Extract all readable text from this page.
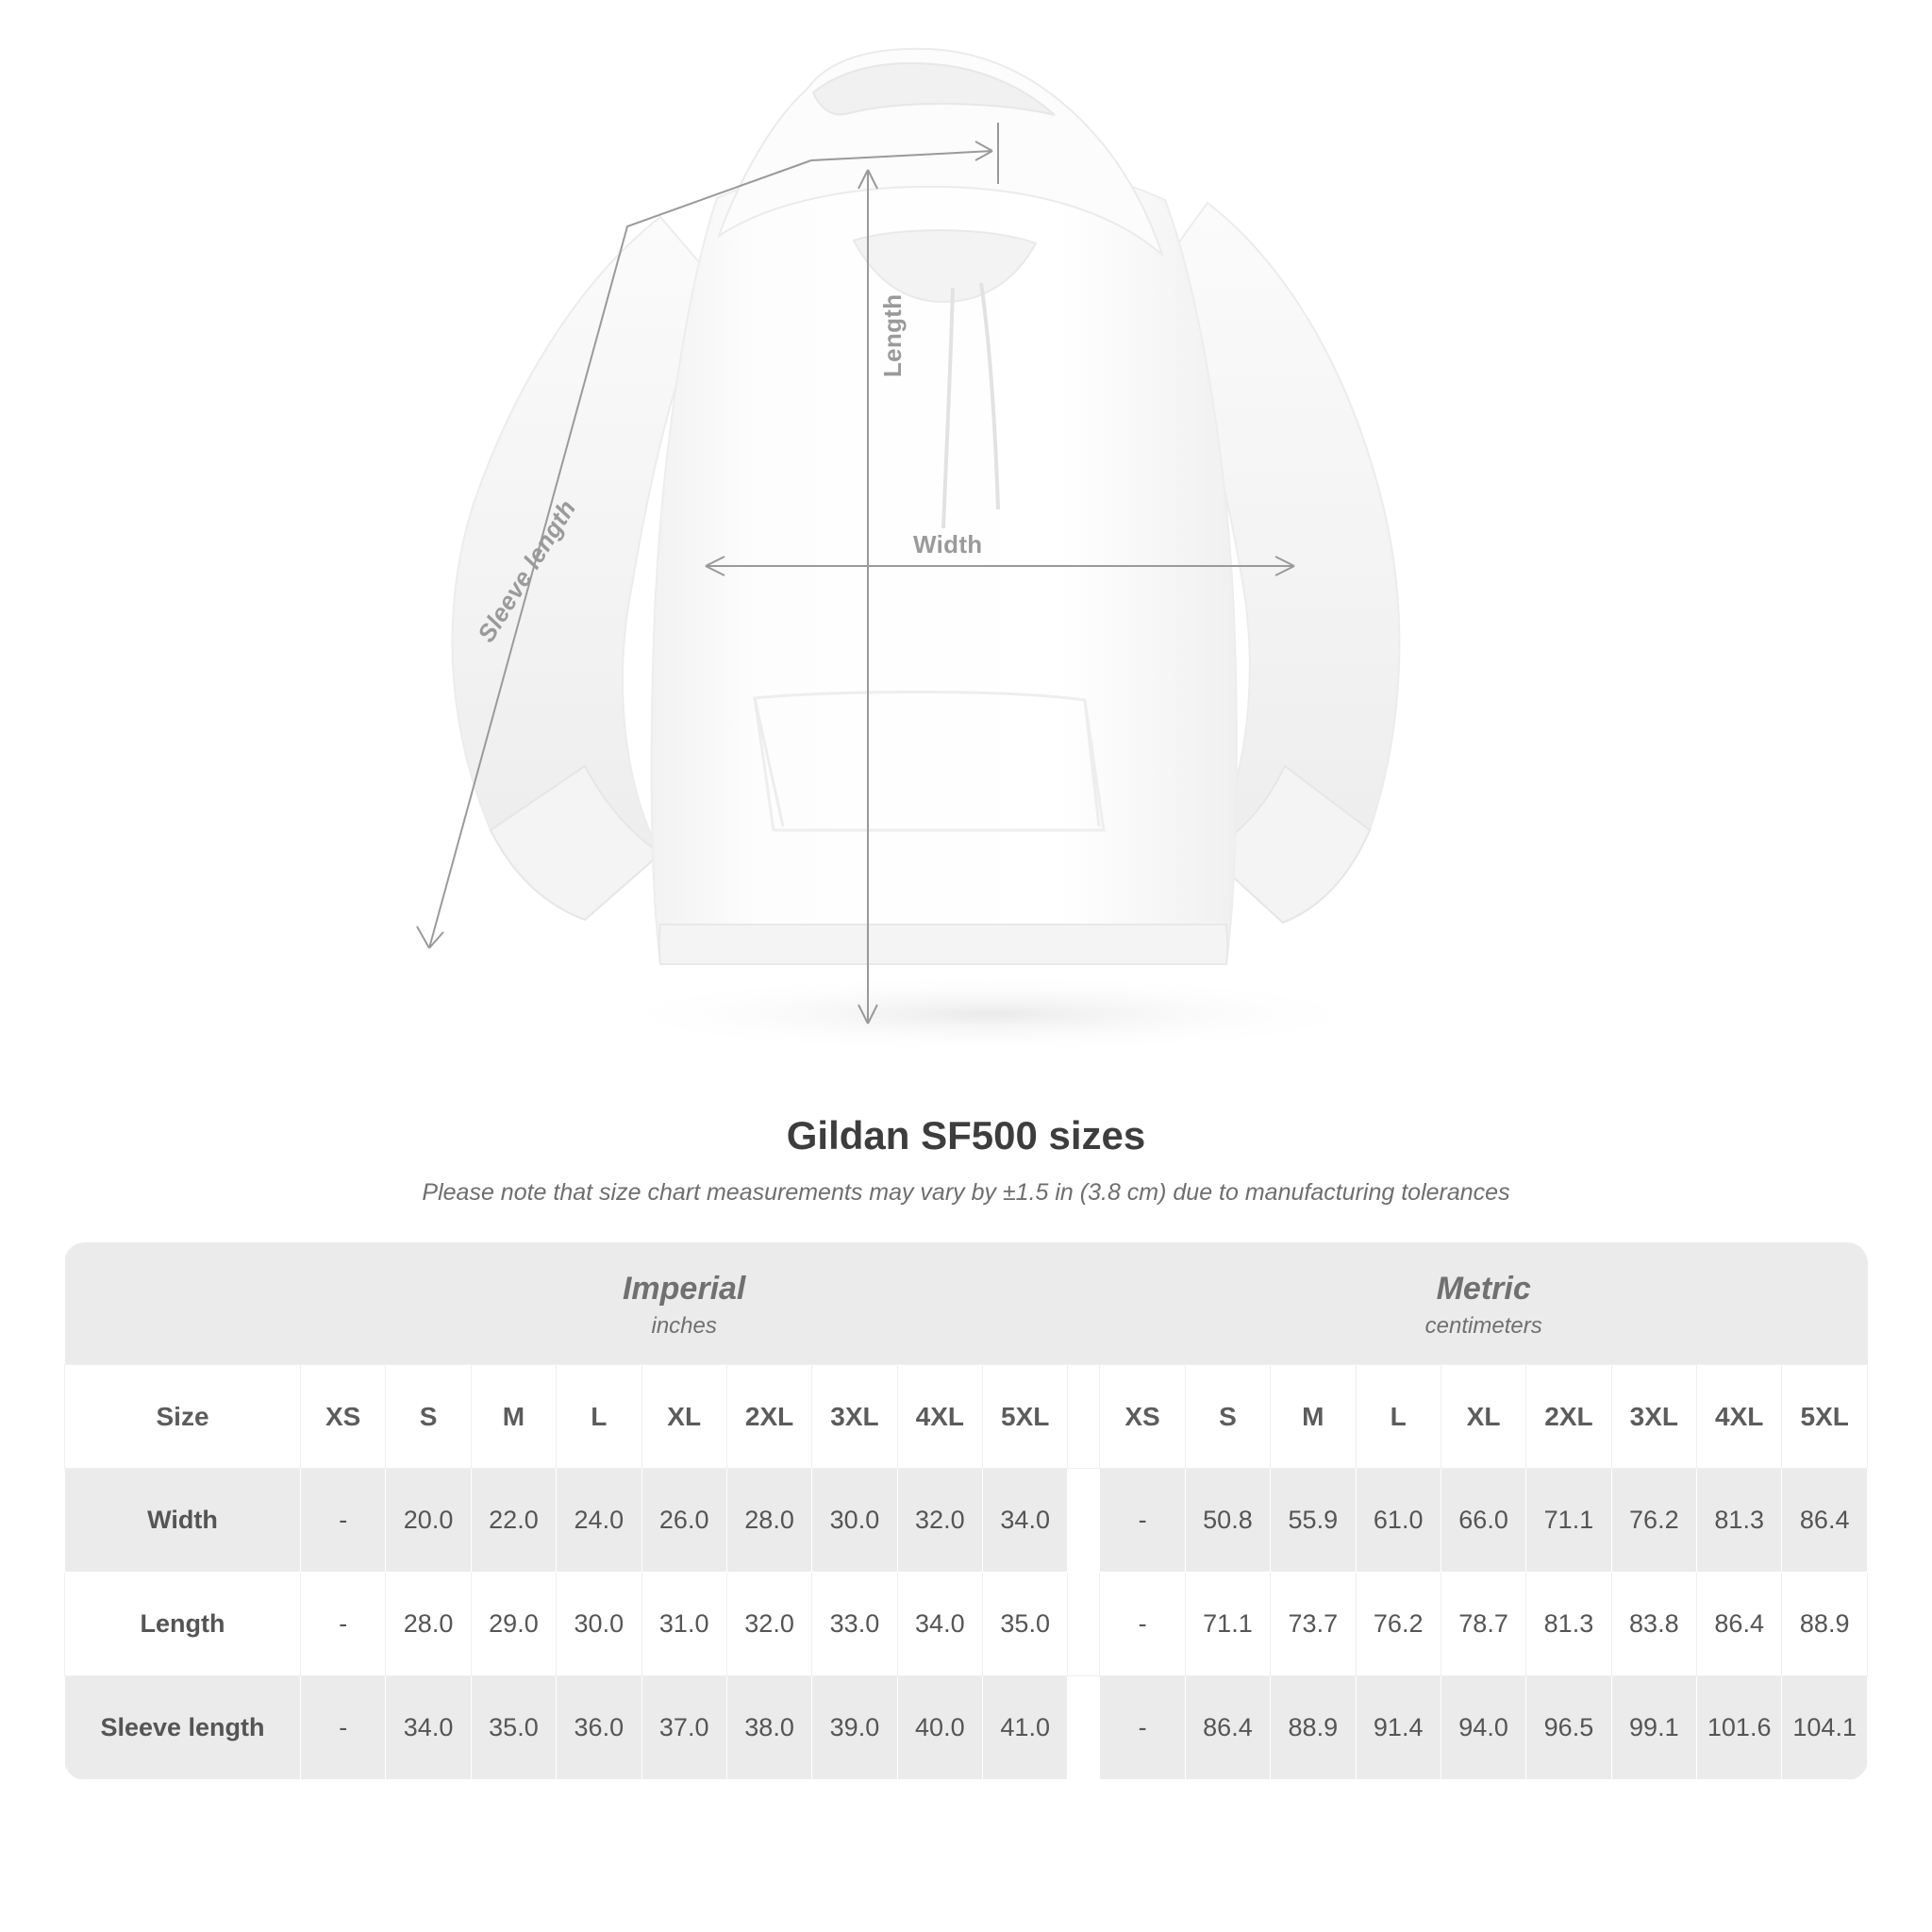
Length
Width
Sleeve length
Gildan SF500 sizes
Please note that size chart measurements may vary by ±1.5 in (3.8 cm) due to manufacturing tolerances

Imperial
inches

Metric
centimeters

Size	XS	S	M	L	XL	2XL	3XL	4XL	5XL		XS	S	M	L	XL	2XL	3XL	4XL	5XL
Width	-	20.0	22.0	24.0	26.0	28.0	30.0	32.0	34.0		-	50.8	55.9	61.0	66.0	71.1	76.2	81.3	86.4
Length	-	28.0	29.0	30.0	31.0	32.0	33.0	34.0	35.0		-	71.1	73.7	76.2	78.7	81.3	83.8	86.4	88.9
Sleeve length	-	34.0	35.0	36.0	37.0	38.0	39.0	40.0	41.0		-	86.4	88.9	91.4	94.0	96.5	99.1	101.6	104.1
